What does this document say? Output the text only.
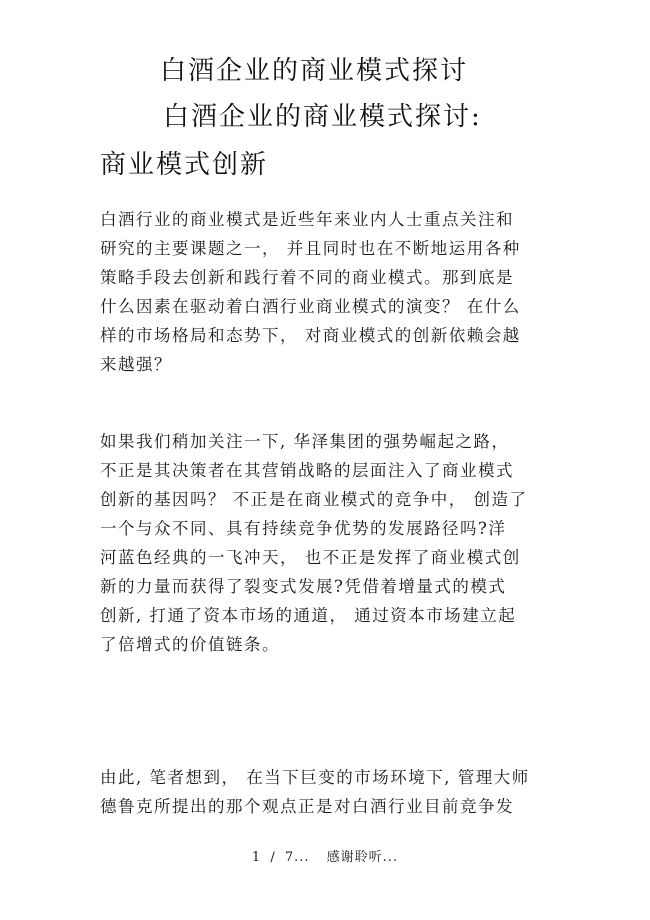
白酒企业的商业模式探讨
白酒企业的商业模式探讨:
商业模式创新
白酒行业的商业模式是近些年来业内人士重点关注和
研究的主要课题之一， 并且同时也在不断地运用各种
策略手段去创新和践行着不同的商业模式。那到底是
什么因素在驱动着白酒行业商业模式的演变？ 在什么
样的市场格局和态势下， 对商业模式的创新依赖会越
来越强？
如果我们稍加关注一下, 华泽集团的强势崛起之路，
不正是其决策者在其营销战略的层面注入了商业模式
创新的基因吗？ 不正是在商业模式的竞争中， 创造了
一个与众不同、具有持续竞争优势的发展路径吗?洋
河蓝色经典的一飞冲天， 也不正是发挥了商业模式创
新的力量而获得了裂变式发展?凭借着增量式的模式
创新, 打通了资本市场的通道， 通过资本市场建立起
了倍增式的价值链条。
由此, 笔者想到， 在当下巨变的市场环境下, 管理大师
德鲁克所提出的那个观点正是对白酒行业目前竞争发
1 / 7... 感谢聆听...
